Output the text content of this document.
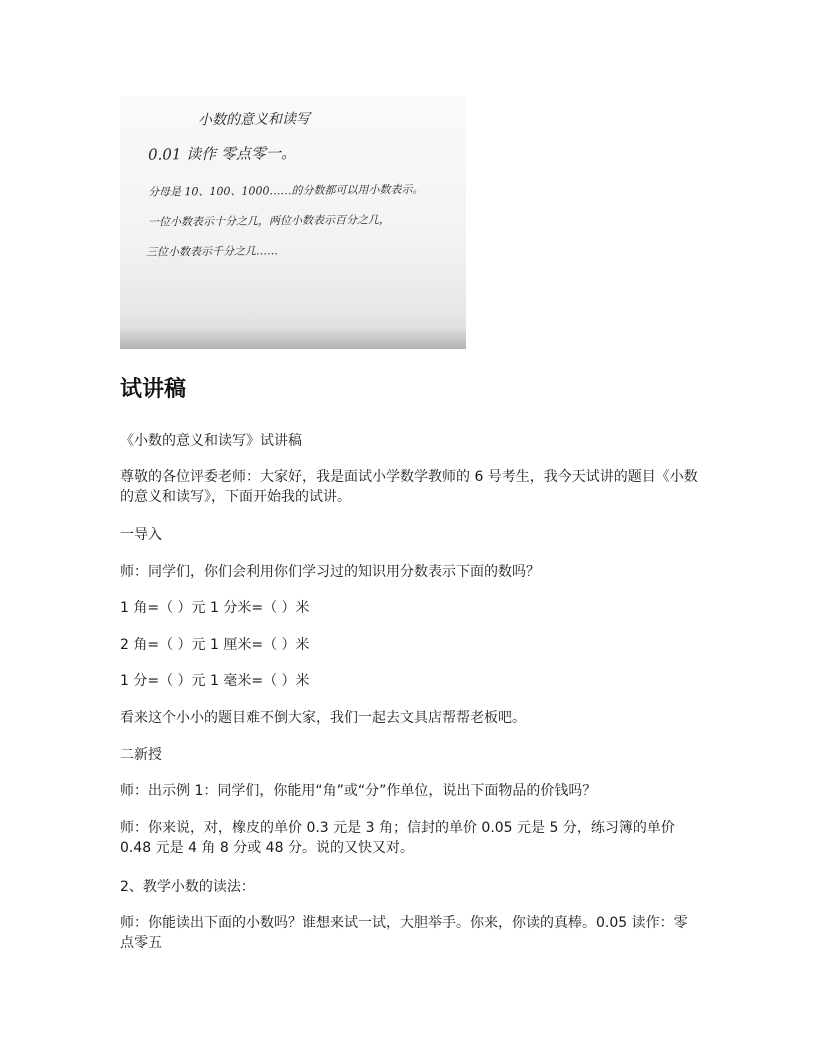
小数的意义和读写
0.01 读作 零点零一。
分母是 10、100、1000……的分数都可以用小数表示。
一位小数表示十分之几，两位小数表示百分之几，
三位小数表示千分之几……
试讲稿
《小数的意义和读写》试讲稿
尊敬的各位评委老师：大家好，我是面试小学数学教师的 6 号考生，我今天试讲的题目《小数的意义和读写》，下面开始我的试讲。
一导入
师：同学们，你们会利用你们学习过的知识用分数表示下面的数吗？
1 角=（ ）元 1 分米=（ ）米
2 角=（ ）元 1 厘米=（ ）米
1 分=（ ）元 1 毫米=（ ）米
看来这个小小的题目难不倒大家，我们一起去文具店帮帮老板吧。
二新授
师：出示例 1：同学们，你能用“角”或“分”作单位，说出下面物品的价钱吗？
师：你来说，对，橡皮的单价 0.3 元是 3 角；信封的单价 0.05 元是 5 分，练习簿的单价 0.48 元是 4 角 8 分或 48 分。说的又快又对。
2、教学小数的读法：
师：你能读出下面的小数吗？谁想来试一试，大胆举手。你来，你读的真棒。0.05 读作：零点零五
